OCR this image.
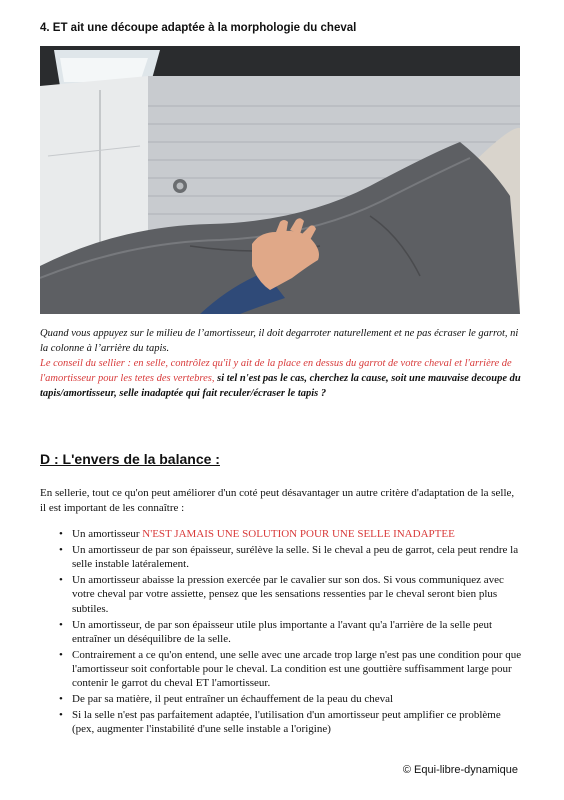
4. ET ait une découpe adaptée à la morphologie du cheval

Quand vous appuyez sur le milieu de l’amortisseur, il doit degarroter naturellement et ne pas écraser le garrot, ni la colonne à l’arrière du tapis.

Le conseil du sellier : en selle, contrôlez qu'il y ait de la place en dessus du garrot de votre cheval et l'arrière de l'amortisseur pour les tetes des vertebres, si tel n'est pas le cas, cherchez la cause, soit une mauvaise decoupe du tapis/amortisseur, selle inadaptée qui fait reculer/écraser le tapis ?

D : L'envers de la balance :
En sellerie, tout ce qu'on peut améliorer d'un coté peut désavantager un autre critère d'adaptation de la selle, il est important de les connaître :
• Un amortisseur N'EST JAMAIS UNE SOLUTION POUR UNE SELLE INADAPTEE
• Un amortisseur de par son épaisseur, surélève la selle. Si le cheval a peu de garrot, cela peut rendre la selle instable latéralement.
• Un amortisseur abaisse la pression exercée par le cavalier sur son dos. Si vous communiquez avec votre cheval par votre assiette, pensez que les sensations ressenties par le cheval seront bien plus subtiles.
• Un amortisseur, de par son épaisseur utile plus importante a l'avant qu'a l'arrière de la selle peut entraîner un déséquilibre de la selle.
• Contrairement a ce qu'on entend, une selle avec une arcade trop large n'est pas une condition pour que l'amortisseur soit confortable pour le cheval. La condition est une gouttière suffisamment large pour contenir le garrot du cheval ET l'amortisseur.
• De par sa matière, il peut entraîner un échauffement de la peau du cheval
• Si la selle n'est pas parfaitement adaptée, l'utilisation d'un amortisseur peut amplifier ce problème (pex, augmenter l'instabilité d'une selle instable a l'origine)
© Equi-libre-dynamique
